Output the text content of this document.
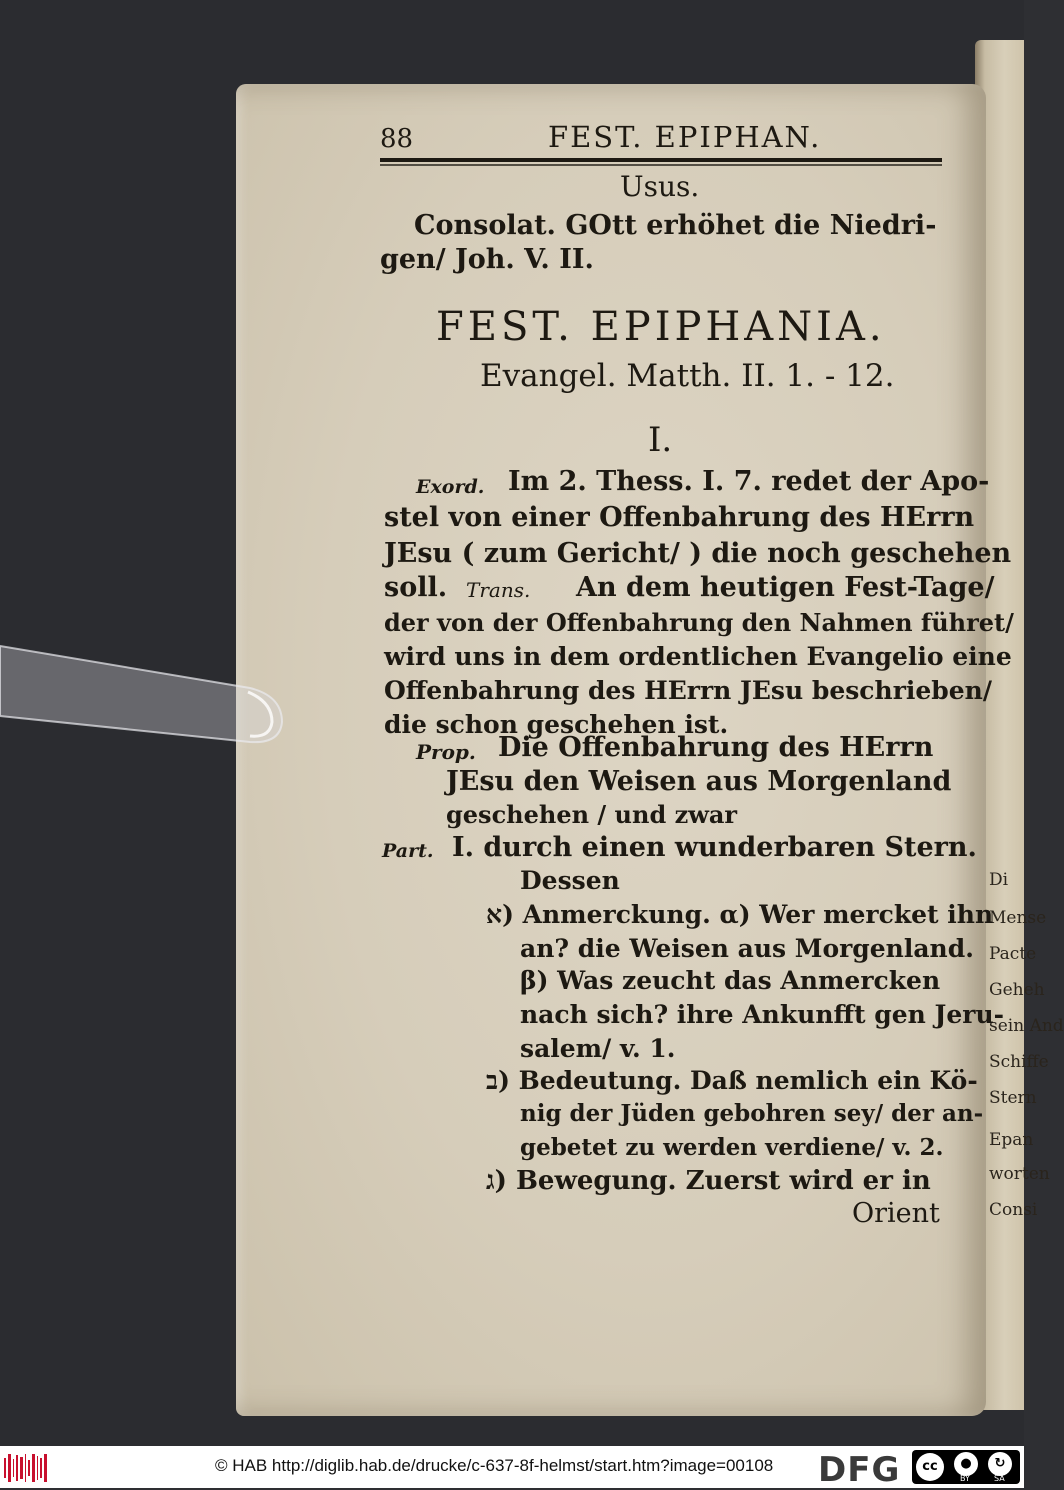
Di
Mense
Pacte
Geheh
sein And
Schiffe
Stern
Epan
worten
Consi
88	FEST. EPIPHAN.
Usus.
Consolat. GOtt erhöhet die Niedri-
gen/ Joh. V. II.
FEST. EPIPHANIA.
Evangel. Matth. II. 1. - 12.
I.
Exord. Im 2. Thess. I. 7. redet der Apo-
stel von einer Offenbahrung des HErrn
JEsu ( zum Gericht/ ) die noch geschehen
soll. Trans. An dem heutigen Fest-Tage/
der von der Offenbahrung den Nahmen führet/
wird uns in dem ordentlichen Evangelio eine
Offenbahrung des HErrn JEsu beschrieben/
die schon geschehen ist.
Prop. Die Offenbahrung des HErrn
JEsu den Weisen aus Morgenland
geschehen / und zwar
Part. I. durch einen wunderbaren Stern.
Dessen
א) Anmerckung. α) Wer mercket ihn
an? die Weisen aus Morgenland.
β) Was zeucht das Anmercken
nach sich? ihre Ankunfft gen Jeru-
salem/ v. 1.
ב) Bedeutung. Daß nemlich ein Kö-
nig der Jüden gebohren sey/ der an-
gebetet zu werden verdiene/ v. 2.
ג) Bewegung. Zuerst wird er in
Orient
© HAB http://diglib.hab.de/drucke/c-637-8f-helmst/start.htm?image=00108 DFG	cc	●	↻
BY	SA
